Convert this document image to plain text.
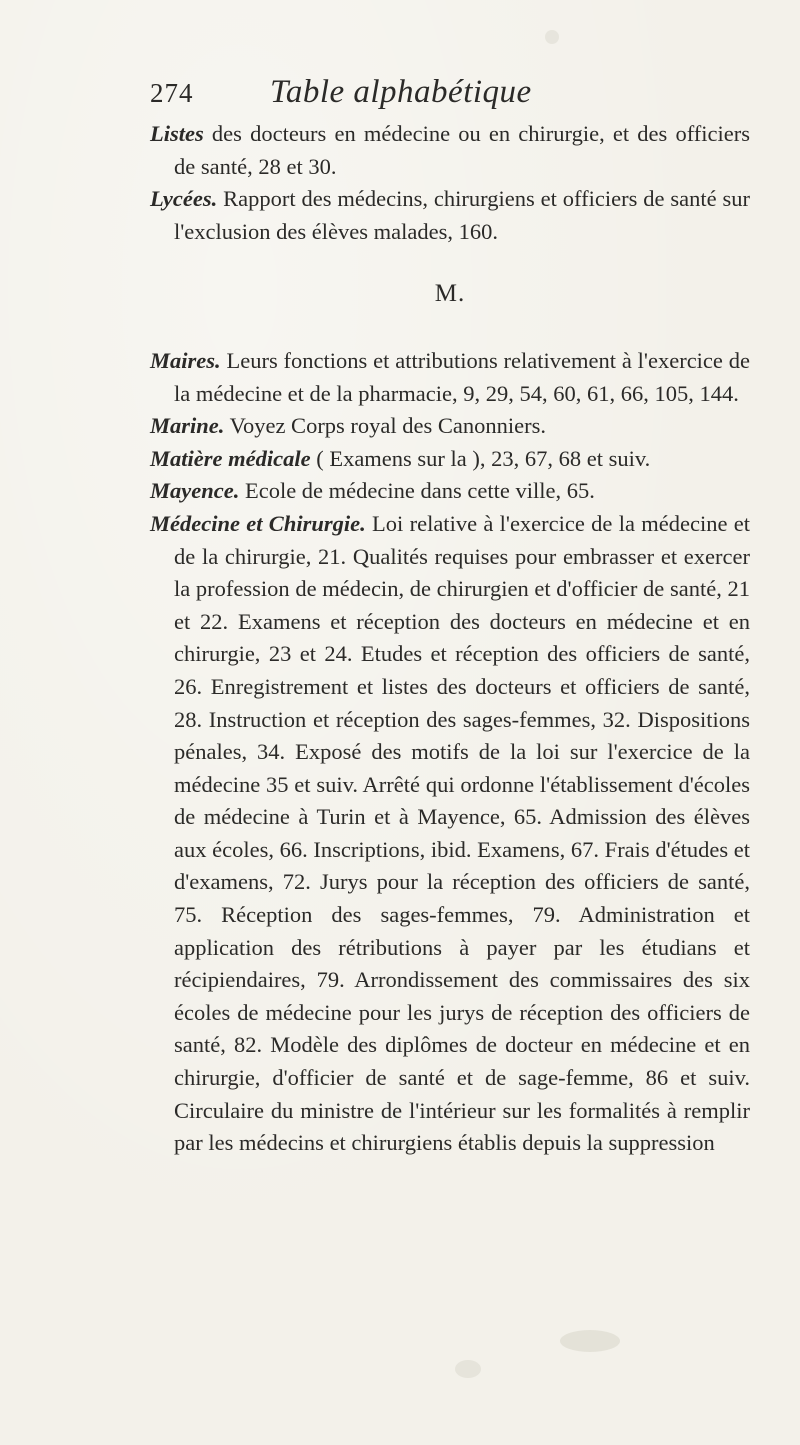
274 Table alphabétique

Listes des docteurs en médecine ou en chirurgie, et des officiers de santé, 28 et 30.

Lycées. Rapport des médecins, chirurgiens et officiers de santé sur l'exclusion des élèves malades, 160.

M.

Maires. Leurs fonctions et attributions relativement à l'exercice de la médecine et de la pharmacie, 9, 29, 54, 60, 61, 66, 105, 144.

Marine. Voyez Corps royal des Canonniers.

Matière médicale ( Examens sur la ), 23, 67, 68 et suiv.

Mayence. Ecole de médecine dans cette ville, 65.

Médecine et Chirurgie. Loi relative à l'exercice de la médecine et de la chirurgie, 21. Qualités requises pour embrasser et exercer la profession de médecin, de chirurgien et d'officier de santé, 21 et 22. Examens et réception des docteurs en médecine et en chirurgie, 23 et 24. Etudes et réception des officiers de santé, 26. Enregistrement et listes des docteurs et officiers de santé, 28. Instruction et réception des sages-femmes, 32. Dispositions pénales, 34. Exposé des motifs de la loi sur l'exercice de la médecine 35 et suiv. Arrêté qui ordonne l'établissement d'écoles de médecine à Turin et à Mayence, 65. Admission des élèves aux écoles, 66. Inscriptions, ibid. Examens, 67. Frais d'études et d'examens, 72. Jurys pour la réception des officiers de santé, 75. Réception des sages-femmes, 79. Administration et application des rétributions à payer par les étudians et récipiendaires, 79. Arrondissement des commissaires des six écoles de médecine pour les jurys de réception des officiers de santé, 82. Modèle des diplômes de docteur en médecine et en chirurgie, d'officier de santé et de sage-femme, 86 et suiv. Circulaire du ministre de l'intérieur sur les formalités à remplir par les médecins et chirurgiens établis depuis la suppression
